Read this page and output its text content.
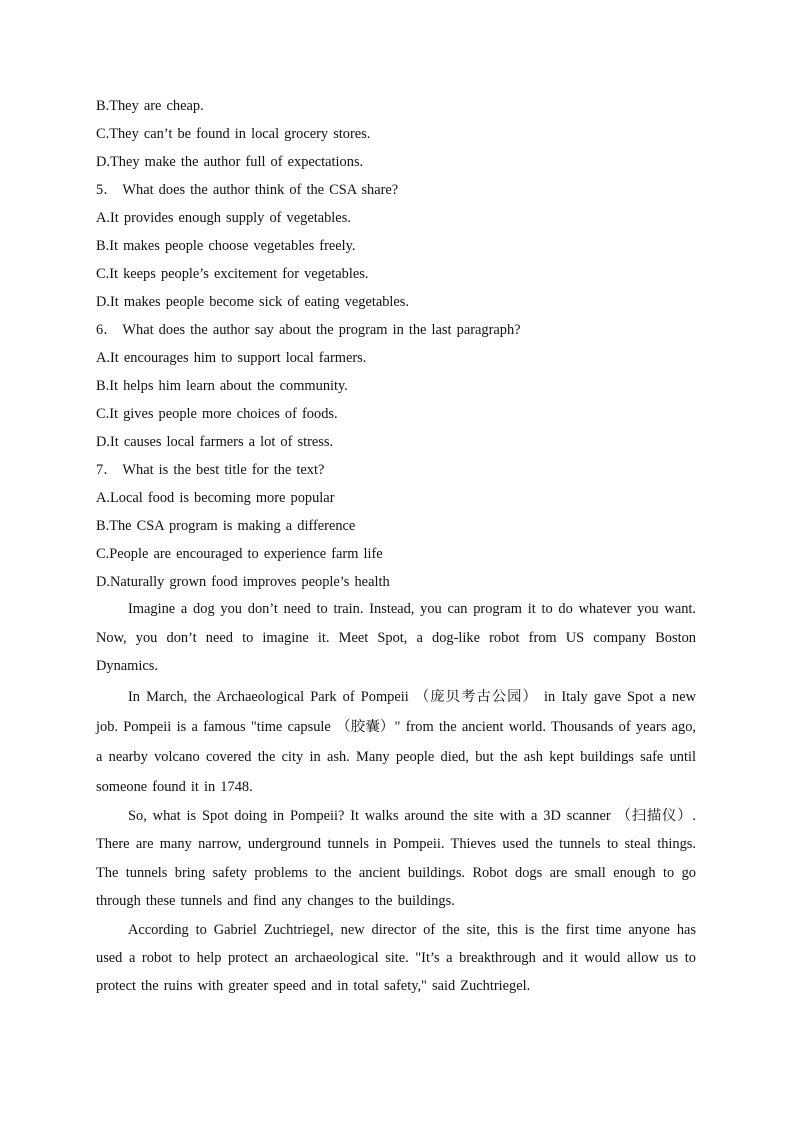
B.They are cheap.
C.They can’t be found in local grocery stores.
D.They make the author full of expectations.
5． What does the author think of the CSA share?
A.It provides enough supply of vegetables.
B.It makes people choose vegetables freely.
C.It keeps people’s excitement for vegetables.
D.It makes people become sick of eating vegetables.
6． What does the author say about the program in the last paragraph?
A.It encourages him to support local farmers.
B.It helps him learn about the community.
C.It gives people more choices of foods.
D.It causes local farmers a lot of stress.
7． What is the best title for the text?
A.Local food is becoming more popular
B.The CSA program is making a difference
C.People are encouraged to experience farm life
D.Naturally grown food improves people’s health

Imagine a dog you don’t need to train. Instead, you can program it to do whatever you want. Now, you don’t need to imagine it. Meet Spot, a dog-like robot from US company Boston Dynamics.

In March, the Archaeological Park of Pompeii （庞贝考古公园） in Italy gave Spot a new job. Pompeii is a famous "time capsule （胶囊）" from the ancient world. Thousands of years ago, a nearby volcano covered the city in ash. Many people died, but the ash kept buildings safe until someone found it in 1748.

So, what is Spot doing in Pompeii? It walks around the site with a 3D scanner （扫描仪）. There are many narrow, underground tunnels in Pompeii. Thieves used the tunnels to steal things. The tunnels bring safety problems to the ancient buildings. Robot dogs are small enough to go through these tunnels and find any changes to the buildings.

According to Gabriel Zuchtriegel, new director of the site, this is the first time anyone has used a robot to help protect an archaeological site. "It’s a breakthrough and it would allow us to protect the ruins with greater speed and in total safety," said Zuchtriegel.
